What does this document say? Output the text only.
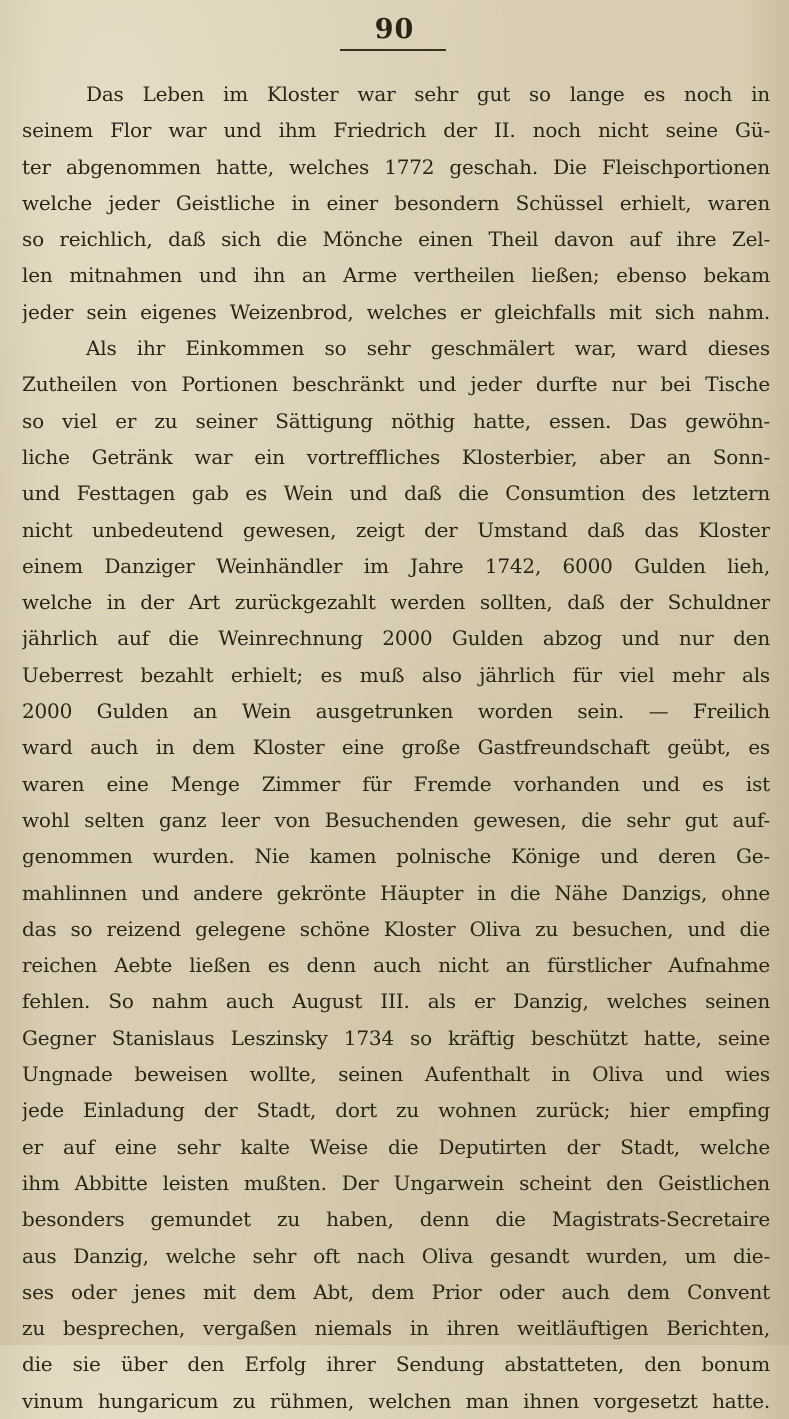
90
Das Leben im Kloster war sehr gut so lange es noch in
seinem Flor war und ihm Friedrich der II. noch nicht seine Gü-
ter abgenommen hatte, welches 1772 geschah. Die Fleischportionen
welche jeder Geistliche in einer besondern Schüssel erhielt, waren
so reichlich, daß sich die Mönche einen Theil davon auf ihre Zel-
len mitnahmen und ihn an Arme vertheilen ließen; ebenso bekam
jeder sein eigenes Weizenbrod, welches er gleichfalls mit sich nahm.
Als ihr Einkommen so sehr geschmälert war, ward dieses
Zutheilen von Portionen beschränkt und jeder durfte nur bei Tische
so viel er zu seiner Sättigung nöthig hatte, essen. Das gewöhn-
liche Getränk war ein vortreffliches Klosterbier, aber an Sonn-
und Festtagen gab es Wein und daß die Consumtion des letztern
nicht unbedeutend gewesen, zeigt der Umstand daß das Kloster
einem Danziger Weinhändler im Jahre 1742, 6000 Gulden lieh,
welche in der Art zurückgezahlt werden sollten, daß der Schuldner
jährlich auf die Weinrechnung 2000 Gulden abzog und nur den
Ueberrest bezahlt erhielt; es muß also jährlich für viel mehr als
2000 Gulden an Wein ausgetrunken worden sein. — Freilich
ward auch in dem Kloster eine große Gastfreundschaft geübt, es
waren eine Menge Zimmer für Fremde vorhanden und es ist
wohl selten ganz leer von Besuchenden gewesen, die sehr gut auf-
genommen wurden. Nie kamen polnische Könige und deren Ge-
mahlinnen und andere gekrönte Häupter in die Nähe Danzigs, ohne
das so reizend gelegene schöne Kloster Oliva zu besuchen, und die
reichen Aebte ließen es denn auch nicht an fürstlicher Aufnahme
fehlen. So nahm auch August III. als er Danzig, welches seinen
Gegner Stanislaus Leszinsky 1734 so kräftig beschützt hatte, seine
Ungnade beweisen wollte, seinen Aufenthalt in Oliva und wies
jede Einladung der Stadt, dort zu wohnen zurück; hier empfing
er auf eine sehr kalte Weise die Deputirten der Stadt, welche
ihm Abbitte leisten mußten. Der Ungarwein scheint den Geistlichen
besonders gemundet zu haben, denn die Magistrats-Secretaire
aus Danzig, welche sehr oft nach Oliva gesandt wurden, um die-
ses oder jenes mit dem Abt, dem Prior oder auch dem Convent
zu besprechen, vergaßen niemals in ihren weitläuftigen Berichten,
die sie über den Erfolg ihrer Sendung abstatteten, den bonum
vinum hungaricum zu rühmen, welchen man ihnen vorgesetzt hatte.
